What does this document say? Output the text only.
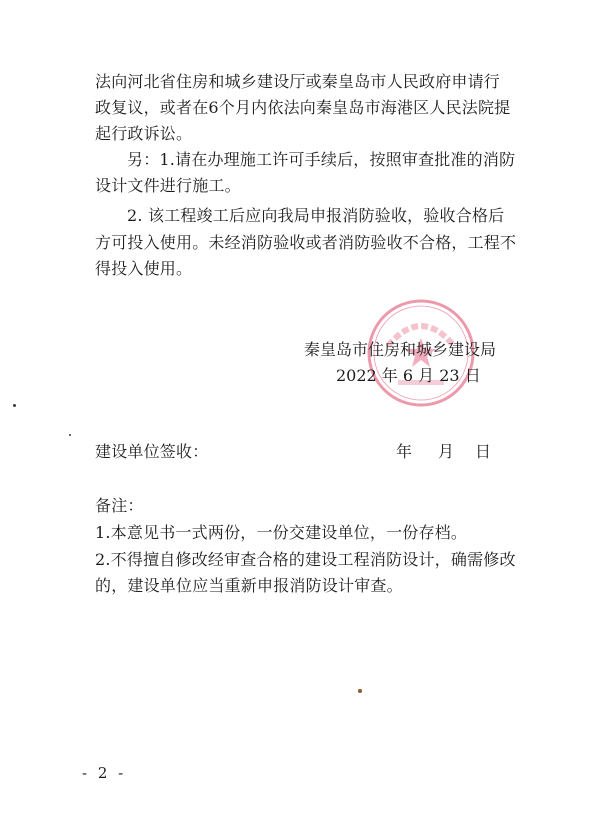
法向河北省住房和城乡建设厅或秦皇岛市人民政府申请行
政复议，或者在6个月内依法向秦皇岛市海港区人民法院提
起行政诉讼。
另：1.请在办理施工许可手续后，按照审查批准的消防
设计文件进行施工。
2. 该工程竣工后应向我局申报消防验收，验收合格后
方可投入使用。未经消防验收或者消防验收不合格，工程不
得投入使用。
秦皇岛市住房和城乡建设局
2022 年 6 月 23 日
建设单位签收：	年 月 日
备注：
1.本意见书一式两份，一份交建设单位，一份存档。
2.不得擅自修改经审查合格的建设工程消防设计，确需修改
的，建设单位应当重新申报消防设计审查。
- 2 -
